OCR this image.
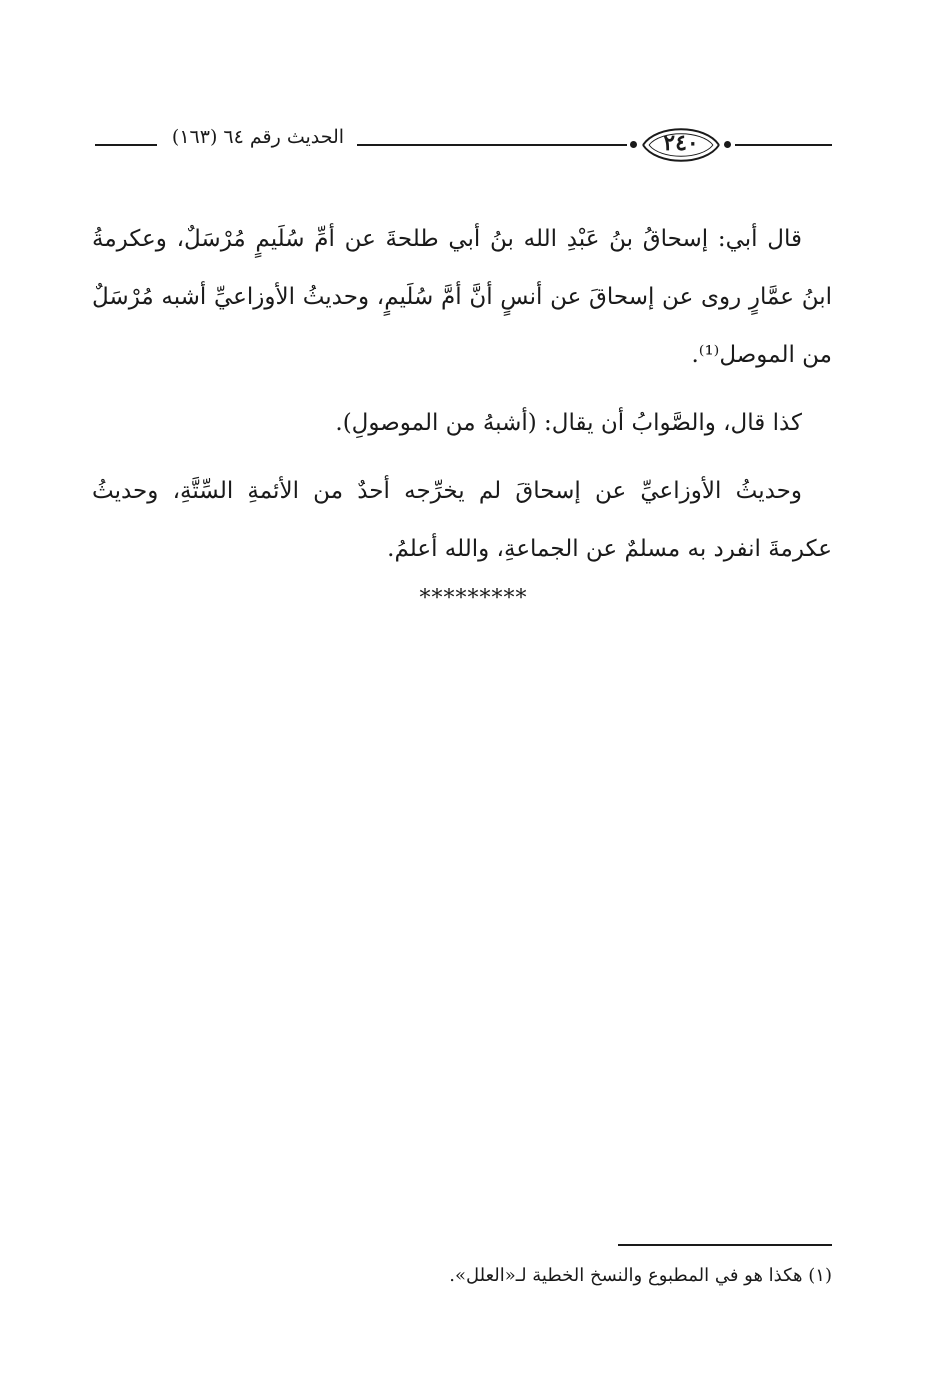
الحديث رقم ٦٤ (١٦٣)	٢٤٠

قال أبي: إسحاقُ بنُ عَبْدِ الله بنُ أبي طلحةَ عن أمِّ سُلَيمٍ مُرْسَلٌ، وعكرمةُ ابنُ عمَّارٍ روى عن إسحاقَ عن أنسٍ أنَّ أمَّ سُلَيمٍ، وحديثُ الأوزاعيِّ أشبه مُرْسَلٌ من الموصل⁽¹⁾.

كذا قال، والصَّوابُ أن يقال: (أشبهُ من الموصولِ).

وحديثُ الأوزاعيِّ عن إسحاقَ لم يخرِّجه أحدٌ من الأئمةِ السِّتَّةِ، وحديثُ عكرمةَ انفرد به مسلمٌ عن الجماعةِ، والله أعلمُ.

*********
(١) هكذا هو في المطبوع والنسخ الخطية لـ«العلل».
